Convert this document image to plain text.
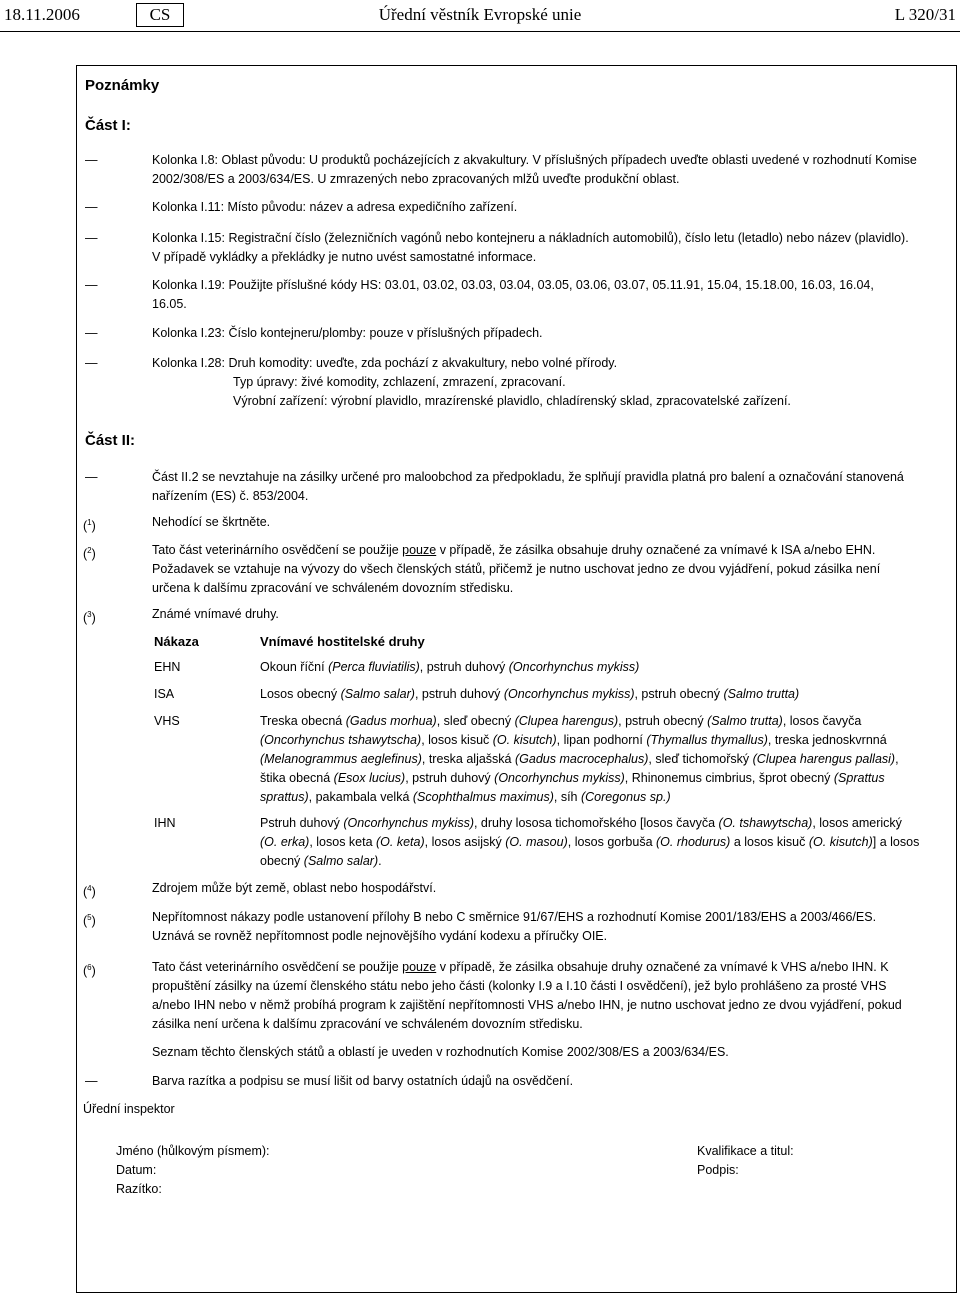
18.11.2006	CS	Úřední věstník Evropské unie	L 320/31
Poznámky
Část I:
—	Kolonka I.8: Oblast původu: U produktů pocházejících z akvakultury. V příslušných případech uveďte oblasti uvedené v rozhodnutí Komise
2002/308/ES a 2003/634/ES. U zmrazených nebo zpracovaných mlžů uveďte produkční oblast.
—	Kolonka I.11: Místo původu: název a adresa expedičního zařízení.
—	Kolonka I.15: Registrační číslo (železničních vagónů nebo kontejneru a nákladních automobilů), číslo letu (letadlo) nebo název (plavidlo).
V případě vykládky a překládky je nutno uvést samostatné informace.
—	Kolonka I.19: Použijte příslušné kódy HS: 03.01, 03.02, 03.03, 03.04, 03.05, 03.06, 03.07, 05.11.91, 15.04, 15.18.00, 16.03, 16.04,
16.05.
—	Kolonka I.23: Číslo kontejneru/plomby: pouze v příslušných případech.
—	Kolonka I.28: Druh komodity: uveďte, zda pochází z akvakultury, nebo volné přírody.
Typ úpravy: živé komodity, zchlazení, zmrazení, zpracovaní.
Výrobní zařízení: výrobní plavidlo, mrazírenské plavidlo, chladírenský sklad, zpracovatelské zařízení.
Část II:
—	Část II.2 se nevztahuje na zásilky určené pro maloobchod za předpokladu, že splňují pravidla platná pro balení a označování stanovená
nařízením (ES) č. 853/2004.
($^1$)	Nehodící se škrtněte.
($^2$)	Tato část veterinárního osvědčení se použije pouze v případě, že zásilka obsahuje druhy označené za vnímavé k ISA a/nebo EHN.
Požadavek se vztahuje na vývozy do všech členských států, přičemž je nutno uschovat jedno ze dvou vyjádření, pokud zásilka není
určena k dalšímu zpracování ve schváleném dovozním středisku.
($^3$)	Známé vnímavé druhy.
Nákaza	Vnímavé hostitelské druhy
EHN	Okoun říční (Perca fluviatilis), pstruh duhový (Oncorhynchus mykiss)
ISA	Losos obecný (Salmo salar), pstruh duhový (Oncorhynchus mykiss), pstruh obecný (Salmo trutta)
VHS	Treska obecná (Gadus morhua), sleď obecný (Clupea harengus), pstruh obecný (Salmo trutta), losos čavyča
(Oncorhynchus tshawytscha), losos kisuč (O. kisutch), lipan podhorní (Thymallus thymallus), treska jednoskvrnná
(Melanogrammus aeglefinus), treska aljašská (Gadus macrocephalus), sleď tichomořský (Clupea harengus pallasi),
štika obecná (Esox lucius), pstruh duhový (Oncorhynchus mykiss), Rhinonemus cimbrius, šprot obecný (Sprattus
sprattus), pakambala velká (Scophthalmus maximus), síh (Coregonus sp.)
IHN	Pstruh duhový (Oncorhynchus mykiss), druhy lososa tichomořského [losos čavyča (O. tshawytscha), losos americký
(O. erka), losos keta (O. keta), losos asijský (O. masou), losos gorbuša (O. rhodurus) a losos kisuč (O. kisutch)] a losos
obecný (Salmo salar).
($^4$)	Zdrojem může být země, oblast nebo hospodářství.
($^5$)	Nepřítomnost nákazy podle ustanovení přílohy B nebo C směrnice 91/67/EHS a rozhodnutí Komise 2001/183/EHS a 2003/466/ES.
Uznává se rovněž nepřítomnost podle nejnovějšího vydání kodexu a příručky OIE.
($^6$)	Tato část veterinárního osvědčení se použije pouze v případě, že zásilka obsahuje druhy označené za vnímavé k VHS a/nebo IHN. K
propuštění zásilky na území členského státu nebo jeho části (kolonky I.9 a I.10 části I osvědčení), jež bylo prohlášeno za prosté VHS
a/nebo IHN nebo v němž probíhá program k zajištění nepřítomnosti VHS a/nebo IHN, je nutno uschovat jedno ze dvou vyjádření, pokud
zásilka není určena k dalšímu zpracování ve schváleném dovozním středisku.
Seznam těchto členských států a oblastí je uveden v rozhodnutích Komise 2002/308/ES a 2003/634/ES.
—	Barva razítka a podpisu se musí lišit od barvy ostatních údajů na osvědčení.
Úřední inspektor
Jméno (hůlkovým písmem):
Datum:
Razítko:
Kvalifikace a titul:
Podpis:
